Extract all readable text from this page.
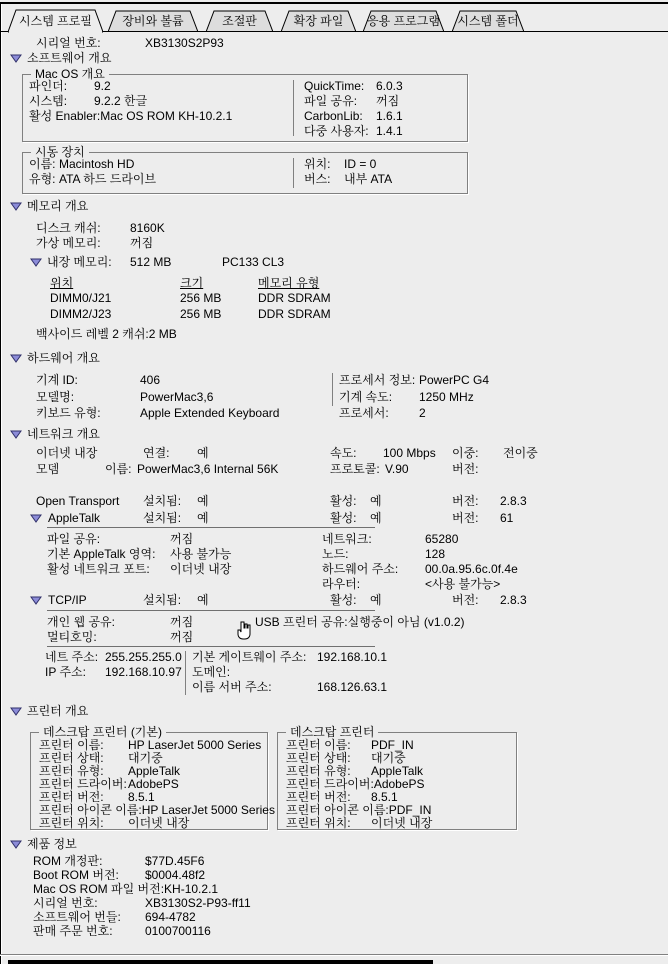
시스템 프로필	장비와 볼륨	조절판	확장 파일	응용 프로그램	시스템 폴더
시리얼 번호:	XB3130S2P93
소프트웨어 개요
Mac OS 개요
파인더:	9.2
시스템:	9.2.2 한글
활성 Enabler: Mac OS ROM KH-10.2.1
QuickTime: 6.0.3
파일 공유:	꺼짐
CarbonLib:	1.6.1
다중 사용자: 1.4.1
시동 장치
이름: Macintosh HD
유형: ATA 하드 드라이브
위치:	ID = 0
버스:	내부 ATA
메모리 개요
디스크 캐쉬:	8160K
가상 메모리:	꺼짐
내장 메모리:	512 MB	PC133 CL3
위치	크기	메모리 유형
DIMM0/J21	256 MB	DDR SDRAM
DIMM2/J23	256 MB	DDR SDRAM
백사이드 레벨 2 캐쉬: 2 MB
하드웨어 개요
기계 ID:	406
모델명:	PowerMac3,6
키보드 유형:	Apple Extended Keyboard
프로세서 정보: PowerPC G4
기계 속도:	1250 MHz
프로세서:	2
네트워크 개요
이더넷 내장	연결:	예	속도:	100 Mbps	이중:	전이중
모뎀	이름: PowerMac3,6 Internal 56K	프로토콜: V.90	버전:
Open Transport	설치됨:	예	활성:	예	버전:	2.8.3
AppleTalk	설치됨:	예	활성:	예	버전:	61
파일 공유:	꺼짐	네트워크:	65280
기본 AppleTalk 영역:	사용 불가능	노드:	128
활성 네트워크 포트:	이더넷 내장	하드웨어 주소:	00.0a.95.6c.0f.4e
라우터:	<사용 불가능>
TCP/IP	설치됨:	예	활성:	예	버전:	2.8.3
개인 웹 공유:	꺼짐	USB 프린터 공유: 실행중이 아님 (v1.0.2)
멀티호밍:	꺼짐
네트 주소: 255.255.255.0
IP 주소:	192.168.10.97
기본 게이트웨이 주소: 192.168.10.1
도메인:
이름 서버 주소:	168.126.63.1
프린터 개요
데스크탑 프린터 (기본)
프린터 이름:	HP LaserJet 5000 Series
프린터 상태:	대기중
프린터 유형:	AppleTalk
프린터 드라이버: AdobePS
프린터 버전:	8.5.1
프린터 아이콘 이름: HP LaserJet 5000 Series
프린터 위치:	이더넷 내장
데스크탑 프린터
프린터 이름:	PDF_IN
프린터 상태:	대기중
프린터 유형:	AppleTalk
프린터 드라이버: AdobePS
프린터 버전:	8.5.1
프린터 아이콘 이름: PDF_IN
프린터 위치:	이더넷 내장
제품 정보
ROM 개정판:	$77D.45F6
Boot ROM 버전:	$0004.48f2
Mac OS ROM 파일 버전: KH-10.2.1
시리얼 번호:	XB3130S2-P93-ff11
소프트웨어 번들:	694-4782
판매 주문 번호:	0100700116
